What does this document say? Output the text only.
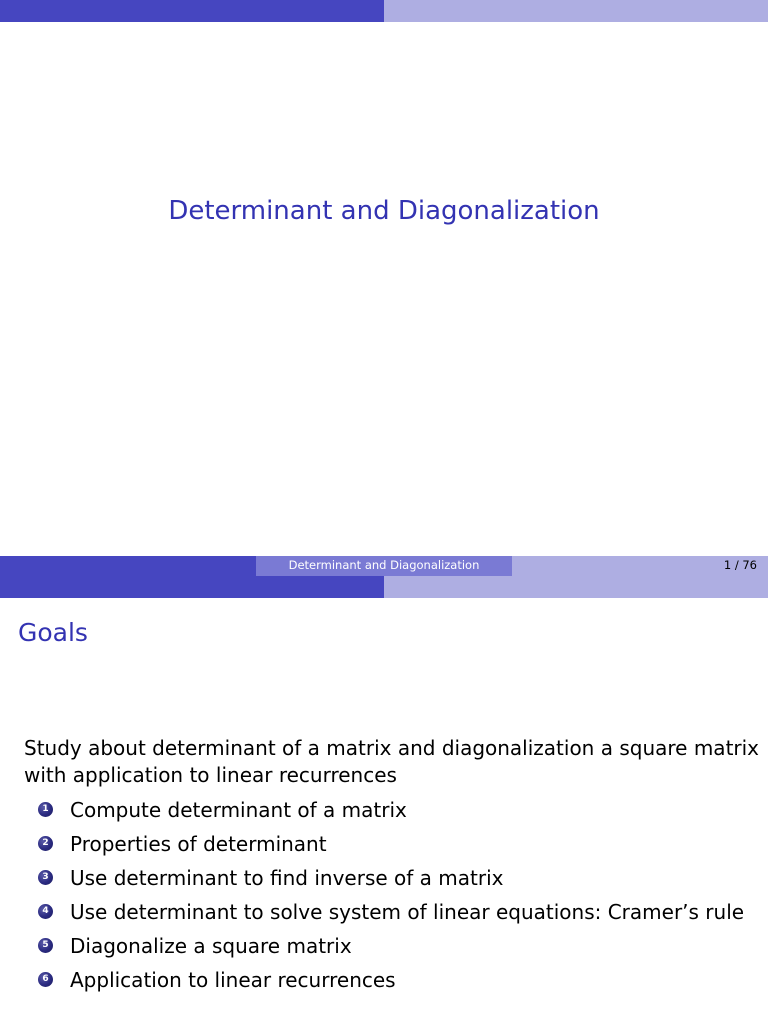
Determinant and Diagonalization
Determinant and Diagonalization	1 / 76
Goals
Study about determinant of a matrix and diagonalization a square matrix
with application to linear recurrences
1 Compute determinant of a matrix
2 Properties of determinant
3 Use determinant to find inverse of a matrix
4 Use determinant to solve system of linear equations: Cramer’s rule
5 Diagonalize a square matrix
6 Application to linear recurrences
